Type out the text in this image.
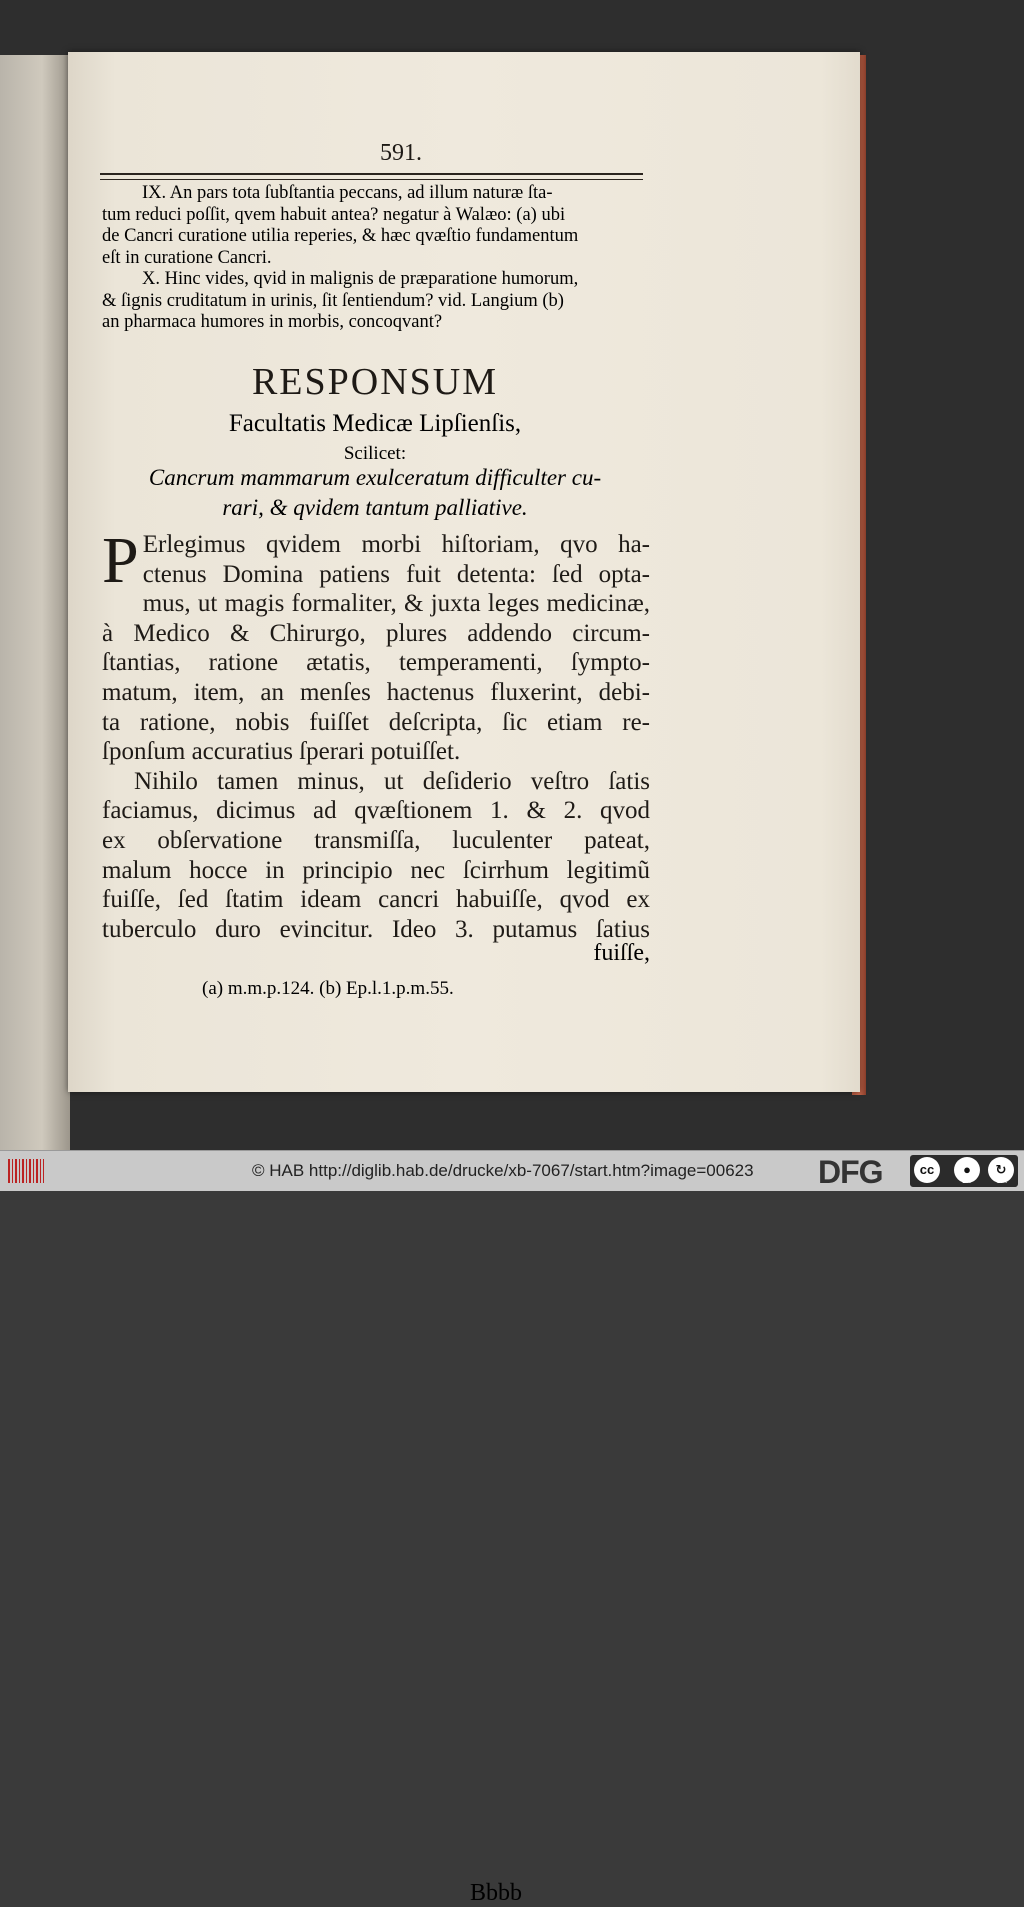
591.

IX. An pars tota ſubſtantia peccans, ad illum naturæ ſta-
tum reduci poſſit, qvem habuit antea? negatur à Walæo: (a) ubi
de Cancri curatione utilia reperies, & hæc qvæſtio fundamentum
eſt in curatione Cancri.

X. Hinc vides, qvid in malignis de præparatione humorum,
& ſignis cruditatum in urinis, ſit ſentiendum? vid. Langium (b)
an pharmaca humores in morbis, concoqvant?

RESPONSUM
Facultatis Medicæ Lipſienſis,
Scilicet:
Cancrum mammarum exulceratum difficulter cu-
rari, & qvidem tantum palliative.
P Erlegimus qvidem morbi hiſtoriam, qvo ha-
ctenus Domina patiens fuit detenta: ſed opta-
mus, ut magis formaliter, & juxta leges medicinæ,
à Medico & Chirurgo, plures addendo circum-
ſtantias, ratione ætatis, temperamenti, ſympto-
matum, item, an menſes hactenus fluxerint, debi-
ta ratione, nobis fuiſſet deſcripta, ſic etiam re-
ſponſum accuratius ſperari potuiſſet.
Nihilo tamen minus, ut deſiderio veſtro ſatis
faciamus, dicimus ad qvæſtionem 1. & 2. qvod
ex obſervatione transmiſſa, luculenter pateat,
malum hocce in principio nec ſcirrhum legitimũ
fuiſſe, ſed ſtatim ideam cancri habuiſſe, qvod ex
tuberculo duro evincitur. Ideo 3. putamus ſatius
Bbbb
fuiſſe,
(a) m.m.p.124. (b) Ep.l.1.p.m.55.
© HAB http://diglib.hab.de/drucke/xb-7067/start.htm?image=00623 DFG	cc	●	↻
BY	SA
